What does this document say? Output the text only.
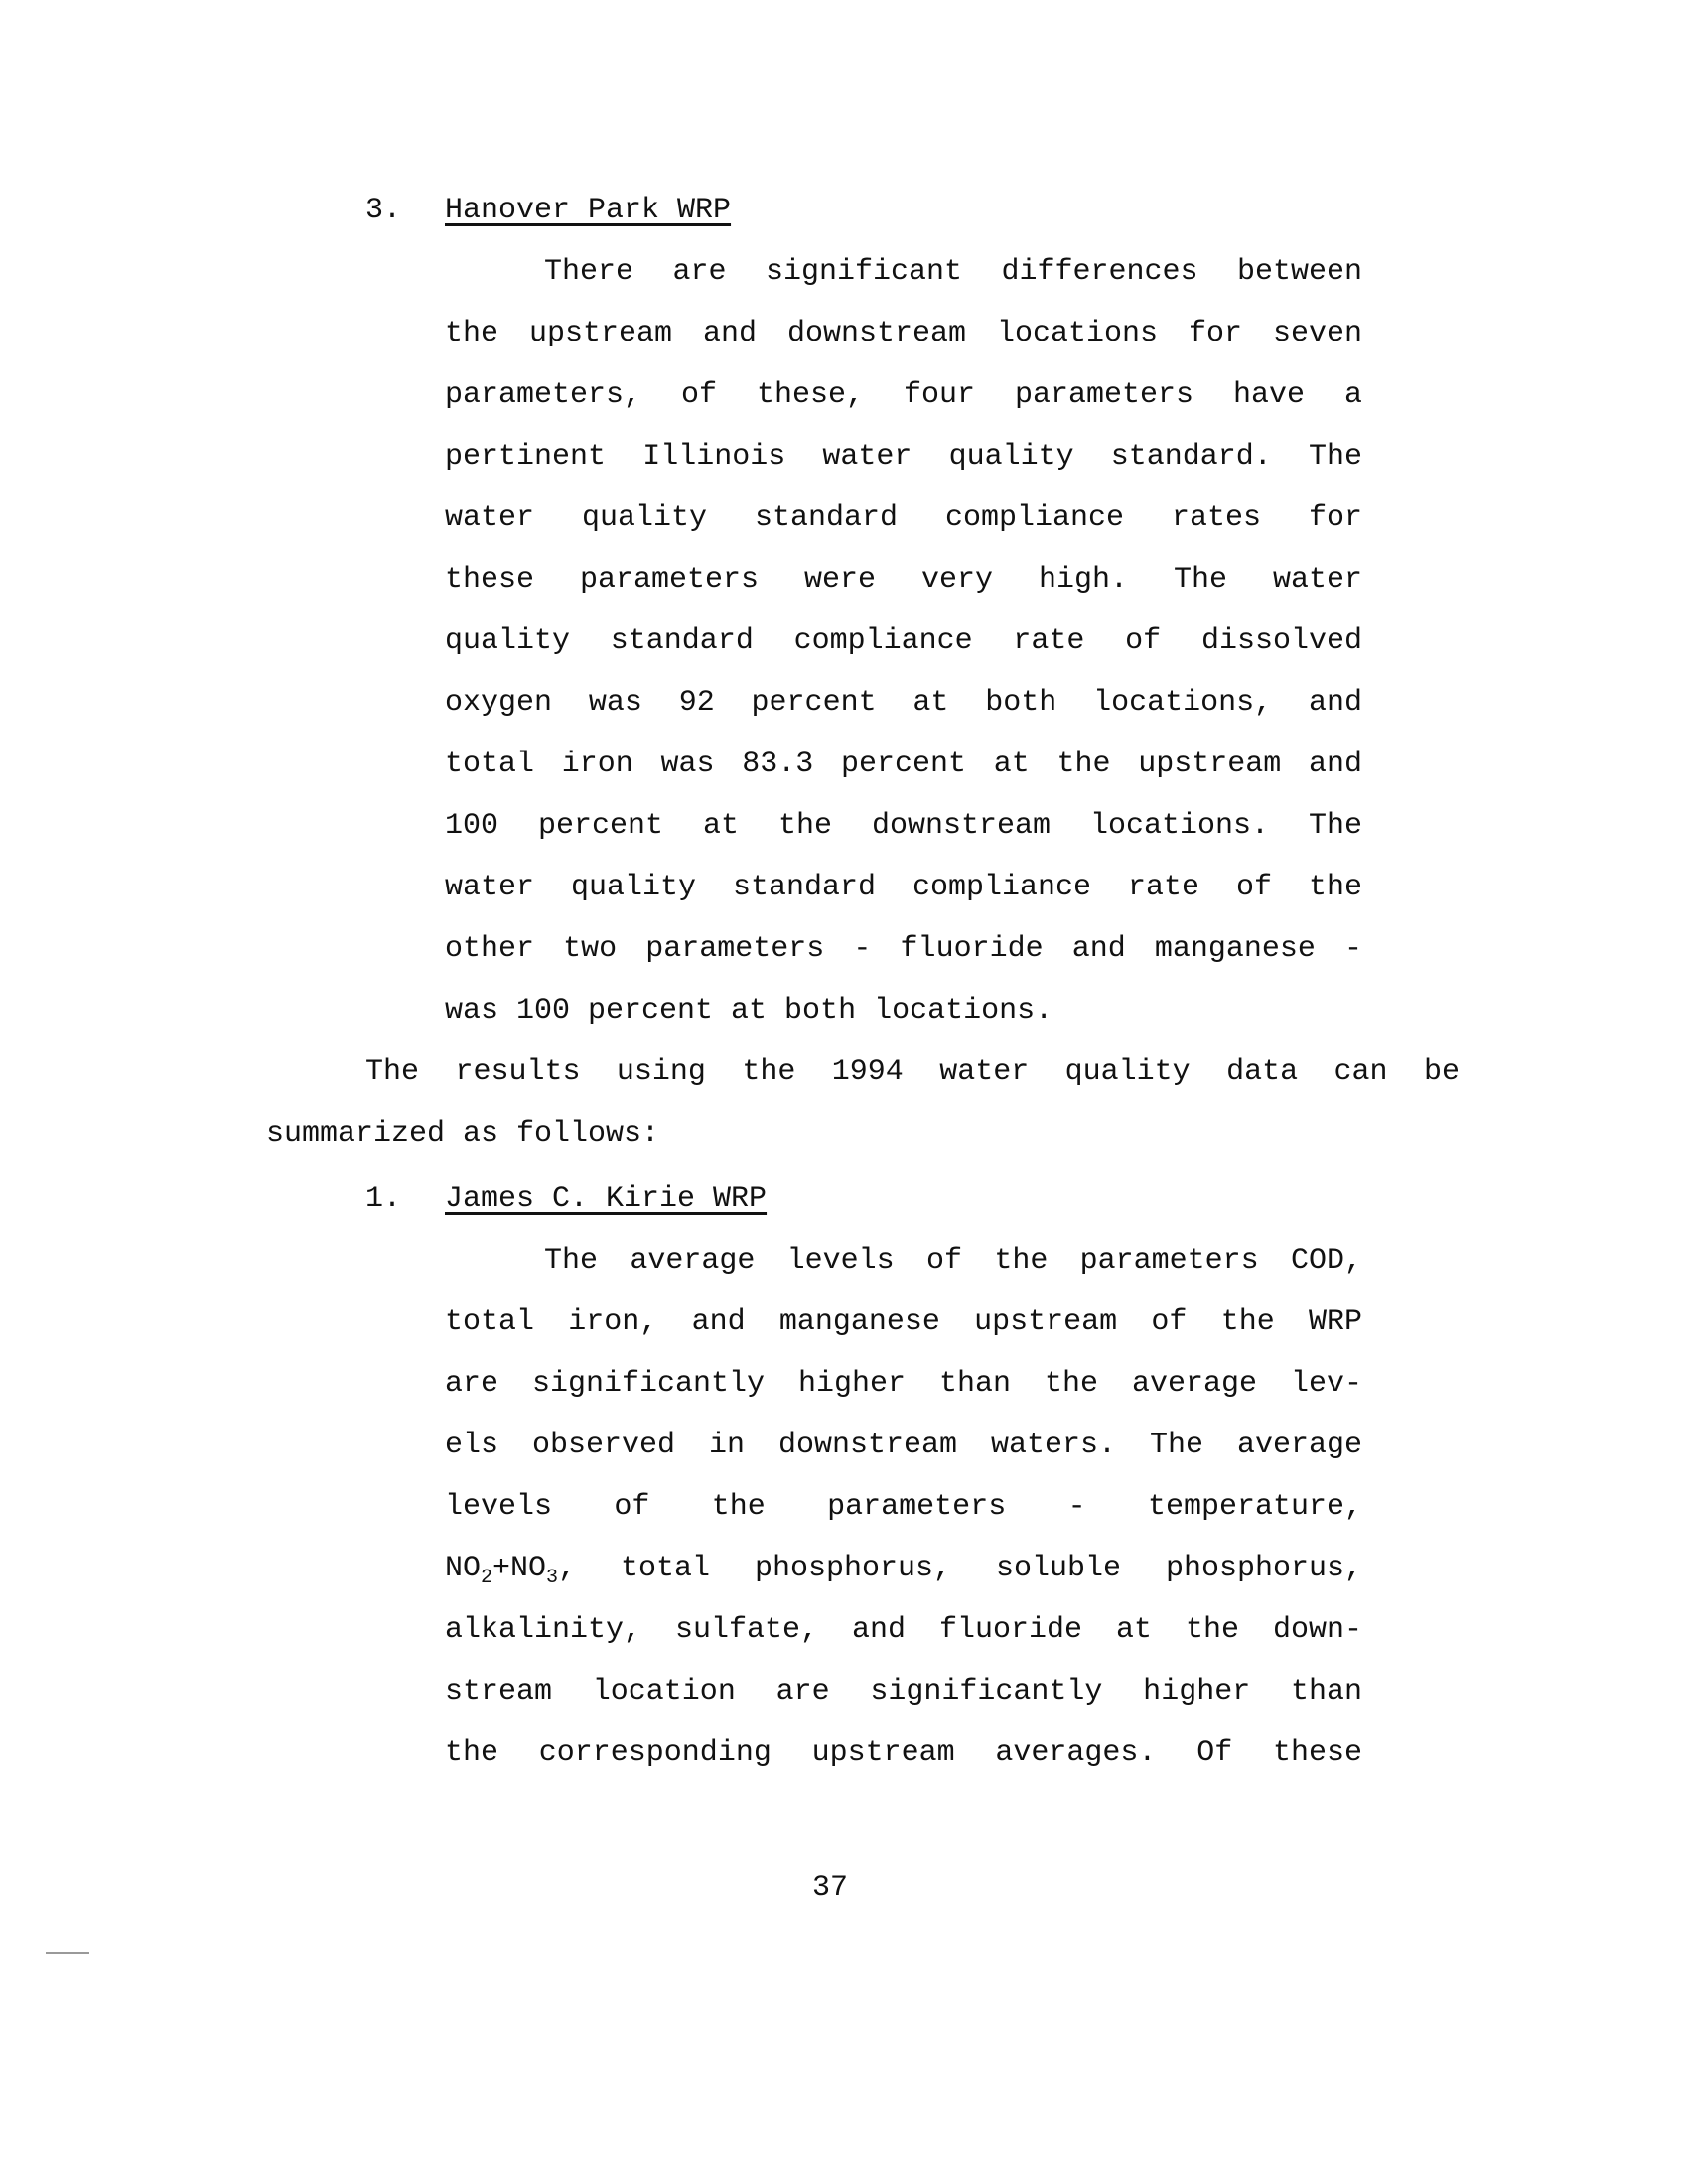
3. Hanover Park WRP
There are significant differences between
the upstream and downstream locations for seven
parameters, of these, four parameters have a
pertinent Illinois water quality standard. The
water quality standard compliance rates for
these parameters were very high. The water
quality standard compliance rate of dissolved
oxygen was 92 percent at both locations, and
total iron was 83.3 percent at the upstream and
100 percent at the downstream locations. The
water quality standard compliance rate of the
other two parameters - fluoride and manganese -
was 100 percent at both locations.
The results using the 1994 water quality data can be
summarized as follows:
1. James C. Kirie WRP
The average levels of the parameters COD,
total iron, and manganese upstream of the WRP
are significantly higher than the average lev-
els observed in downstream waters. The average
levels of the parameters - temperature,
$NO_2+NO_3$, total phosphorus, soluble phosphorus,
alkalinity, sulfate, and fluoride at the down-
stream location are significantly higher than
the corresponding upstream averages. Of these
37
